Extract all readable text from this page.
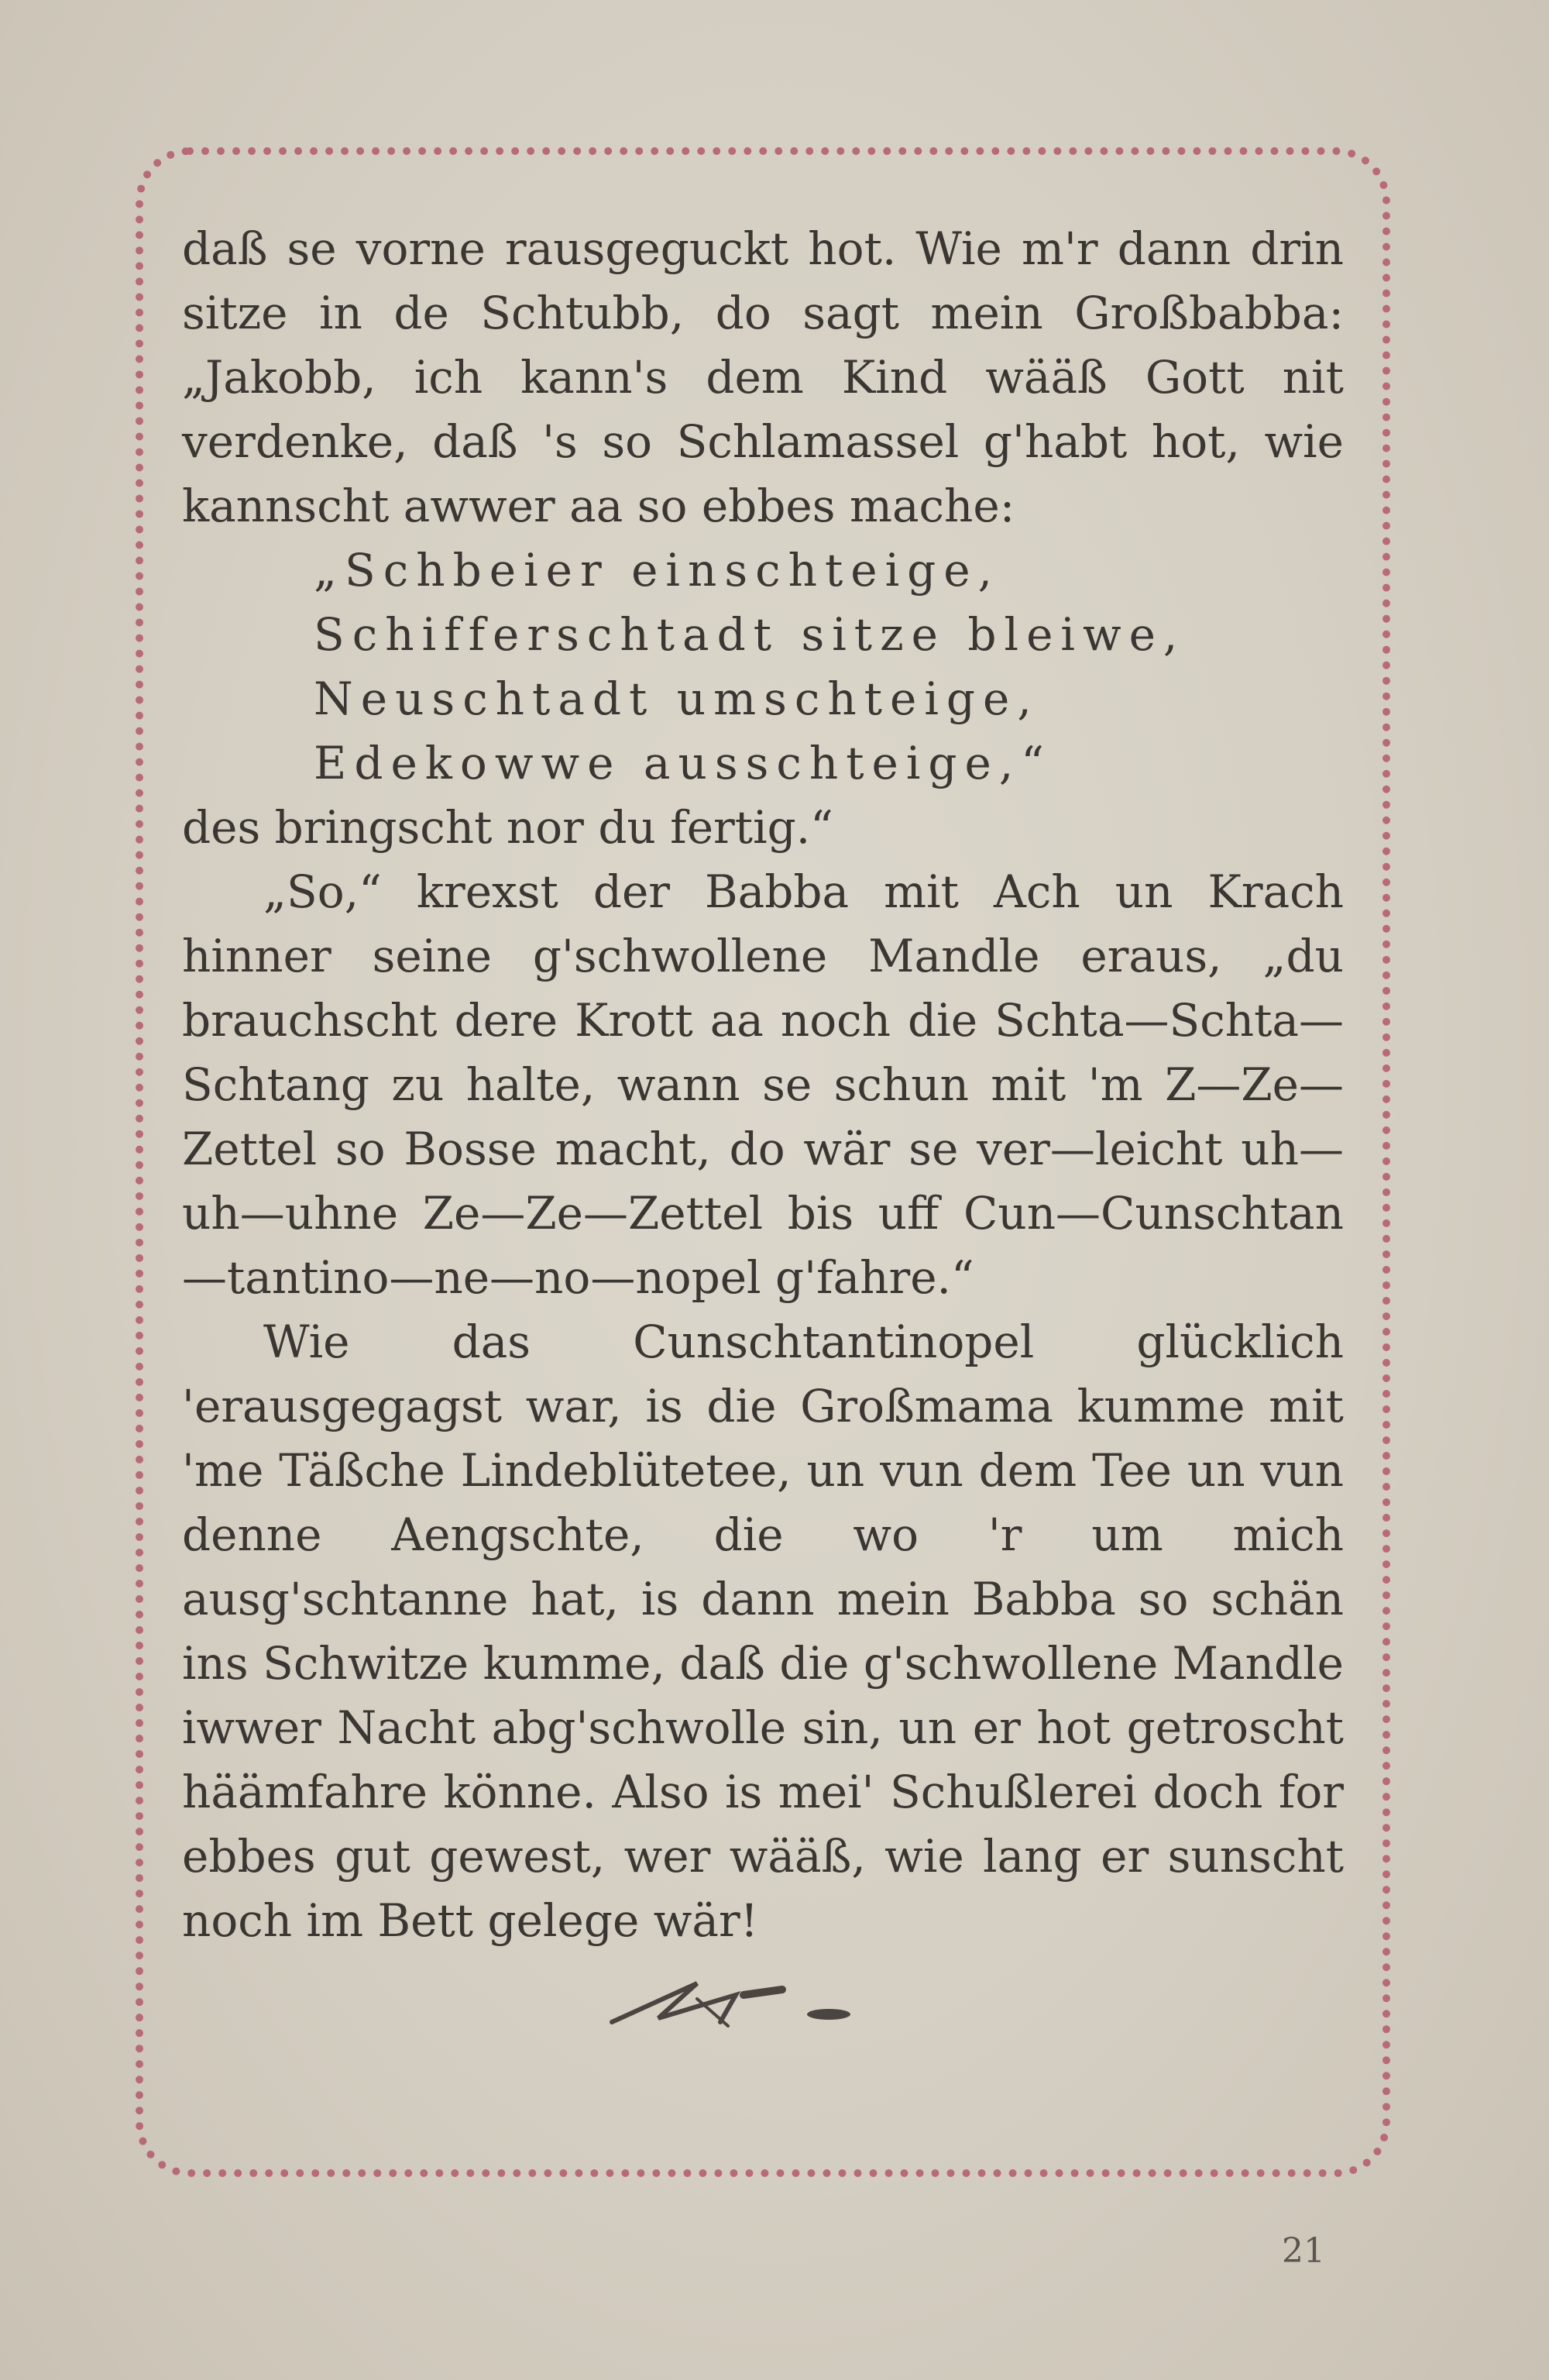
daß se vorne rausgeguckt hot. Wie m'r dann drin sitze in de Schtubb, do sagt mein Großbabba: „Jakobb, ich kann's dem Kind wääß Gott nit verdenke, daß 's so Schlamassel g'habt hot, wie kannscht awwer aa so ebbes mache:

„Schbeier einschteige,
Schifferschtadt sitze bleiwe,
Neuschtadt umschteige,
Edekowwe ausschteige,“

des bringscht nor du fertig.“

„So,“ krexst der Babba mit Ach un Krach hinner seine g'schwollene Mandle eraus, „du brauchscht dere Krott aa noch die Schta—Schta—Schtang zu halte, wann se schun mit 'm Z—Ze—Zettel so Bosse macht, do wär se ver—leicht uh—uh—uhne Ze—Ze—Zettel bis uff Cun—Cunschtan—tantino—ne—no—nopel g'fahre.“

Wie das Cunschtantinopel glücklich 'erausgegagst war, is die Großmama kumme mit 'me Täßche Lindeblütetee, un vun dem Tee un vun denne Aengschte, die wo 'r um mich ausg'schtanne hat, is dann mein Babba so schän ins Schwitze kumme, daß die g'schwollene Mandle iwwer Nacht abg'schwolle sin, un er hot getroscht häämfahre könne. Also is mei' Schußlerei doch for ebbes gut gewest, wer wääß, wie lang er sunscht noch im Bett gelege wär!

21
